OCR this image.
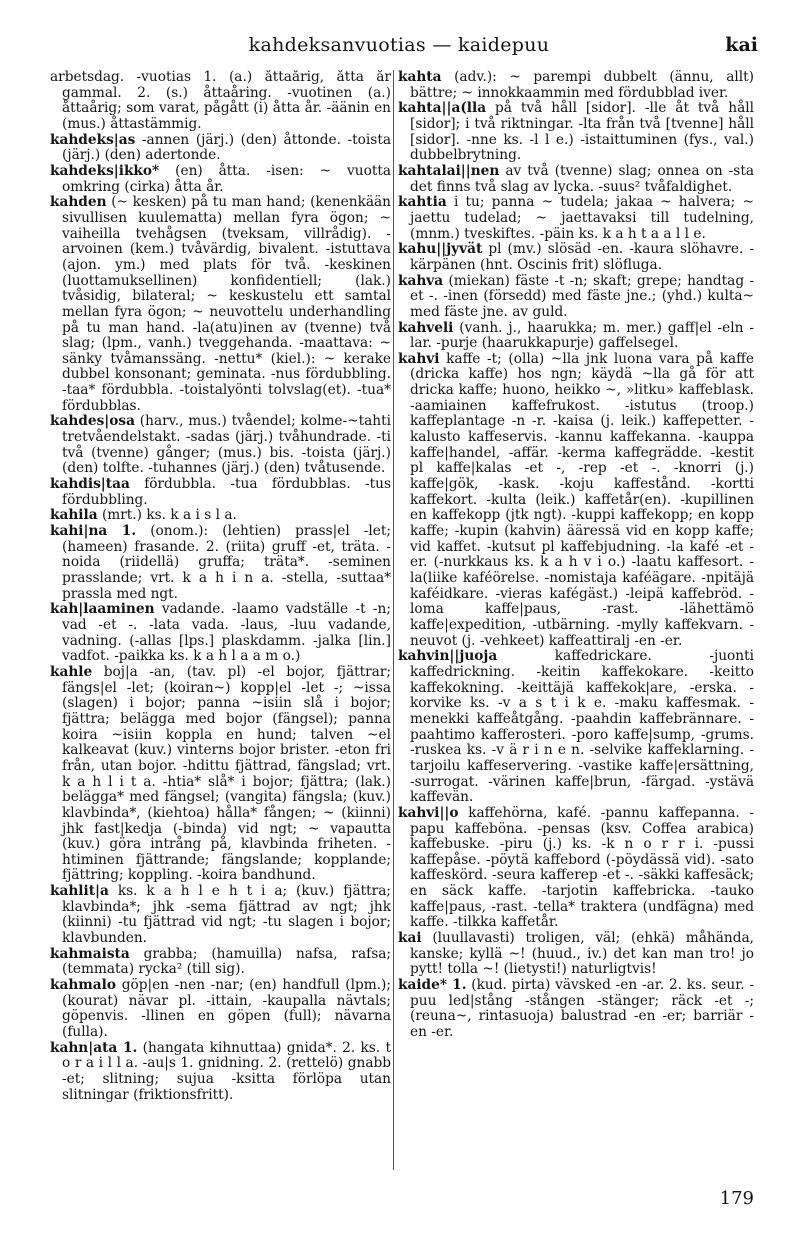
kahdeksanvuotias — kaidepuu	kai

arbetsdag. -vuotias 1. (a.) åttaårig, åtta år gammal. 2. (s.) åttaåring. -vuotinen (a.) åttaårig; som varat, pågått (i) åtta år. -äänin en (mus.) åttastämmig.

kahdeks|as -annen (järj.) (den) åttonde. -toista (järj.) (den) adertonde.

kahdeks|ikko* (en) åtta. -isen: ~ vuotta omkring (cirka) åtta år.

kahden (~ kesken) på tu man hand; (kenenkään sivullisen kuulematta) mellan fyra ögon; ~ vaiheilla tvehågsen (tveksam, villrådig). -arvoinen (kem.) tvåvärdig, bivalent. -istuttava (ajon. ym.) med plats för två. -keskinen (luottamuksellinen) konfidentiell; (lak.) tvåsidig, bilateral; ~ keskustelu ett samtal mellan fyra ögon; ~ neuvottelu underhandling på tu man hand. -la(atu)inen av (tvenne) två slag; (lpm., vanh.) tveggehanda. -maattava: ~ sänky tvåmanssäng. -nettu* (kiel.): ~ kerake dubbel konsonant; geminata. -nus fördubbling. -taa* fördubbla. -toistalyönti tolvslag(et). -tua* fördubblas.

kahdes|osa (harv., mus.) tvåendel; kolme-~tahti tretvåendelstakt. -sadas (järj.) tvåhundrade. -ti två (tvenne) gånger; (mus.) bis. -toista (järj.) (den) tolfte. -tuhannes (järj.) (den) tvåtusende.

kahdis|taa fördubbla. -tua fördubblas. -tus fördubbling.

kahila (mrt.) ks. k a i s l a.

kahi|na 1. (onom.): (lehtien) prass|el -let; (hameen) frasande. 2. (riita) gruff -et, träta. -noida (riidellä) gruffa; träta*. -seminen prasslande; vrt. k a h i n a. -stella, -suttaa* prassla med ngt.

kah|laaminen vadande. -laamo vadställe -t -n; vad -et -. -lata vada. -laus, -luu vadande, vadning. (-allas [lps.] plaskdamm. -jalka [lin.] vadfot. -paikka ks. k a h l a a m o.)

kahle boj|a -an, (tav. pl) -el bojor, fjättrar; fängs|el -let; (koiran~) kopp|el -let -; ~issa (slagen) i bojor; panna ~isiin slå i bojor; fjättra; belägga med bojor (fängsel); panna koira ~isiin koppla en hund; talven ~el kalkeavat (kuv.) vinterns bojor brister. -eton fri från, utan bojor. -hdittu fjättrad, fängslad; vrt. k a h l i t a. -htia* slå* i bojor; fjättra; (lak.) belägga* med fängsel; (vangita) fängsla; (kuv.) klavbinda*, (kiehtoa) hålla* fången; ~ (kiinni) jhk fast|kedja (-binda) vid ngt; ~ vapautta (kuv.) göra intrång på, klavbinda friheten. -htiminen fjättrande; fängslande; kopplande; fjättring; koppling. -koira bandhund.

kahlit|a ks. k a h l e h t i a; (kuv.) fjättra; klavbinda*; jhk -sema fjättrad av ngt; jhk (kiinni) -tu fjättrad vid ngt; -tu slagen i bojor; klavbunden.

kahmaista grabba; (hamuilla) nafsa, rafsa; (temmata) rycka² (till sig).

kahmalo göp|en -nen -nar; (en) handfull (lpm.); (kourat) nävar pl. -ittain, -kaupalla nävtals; göpenvis. -llinen en göpen (full); nävarna (fulla).

kahn|ata 1. (hangata kihnuttaa) gnida*. 2. ks. t o r a i l l a. -au|s 1. gnidning. 2. (rettelö) gnabb -et; slitning; sujua -ksitta förlöpa utan slitningar (friktionsfritt).

kahta (adv.): ~ parempi dubbelt (ännu, allt) bättre; ~ innokkaammin med fördubblad iver.

kahta||a(lla på två håll [sidor]. -lle åt två håll [sidor]; i två riktningar. -lta från två [tvenne] håll [sidor]. -nne ks. -l l e.) -istaittuminen (fys., val.) dubbelbrytning.

kahtalai||nen av två (tvenne) slag; onnea on -sta det finns två slag av lycka. -suus² tvåfaldighet.

kahtia i tu; panna ~ tudela; jakaa ~ halvera; ~ jaettu tudelad; ~ jaettavaksi till tudelning, (mnm.) tveskiftes. -päin ks. k a h t a a l l e.

kahu||jyvät pl (mv.) slösäd -en. -kaura slöhavre. -kärpänen (hnt. Oscinis frit) slöfluga.

kahva (miekan) fäste -t -n; skaft; grepe; handtag -et -. -inen (försedd) med fäste jne.; (yhd.) kulta~ med fäste jne. av guld.

kahveli (vanh. j., haarukka; m. mer.) gaff|el -eln -lar. -purje (haarukkapurje) gaffelsegel.

kahvi kaffe -t; (olla) ~lla jnk luona vara på kaffe (dricka kaffe) hos ngn; käydä ~lla gå för att dricka kaffe; huono, heikko ~, »litku» kaffeblask. -aamiainen kaffefrukost. -istutus (troop.) kaffeplantage -n -r. -kaisa (j. leik.) kaffepetter. -kalusto kaffeservis. -kannu kaffekanna. -kauppa kaffe|handel, -affär. -kerma kaffegrädde. -kestit pl kaffe|kalas -et -, -rep -et -. -knorri (j.) kaffe|gök, -kask. -koju kaffestånd. -kortti kaffekort. -kulta (leik.) kaffetår(en). -kupillinen en kaffekopp (jtk ngt). -kuppi kaffekopp; en kopp kaffe; -kupin (kahvin) ääressä vid en kopp kaffe; vid kaffet. -kutsut pl kaffebjudning. -la kafé -et -er. (-nurkkaus ks. k a h v i o.) -laatu kaffesort. -la(liike kaféörelse. -nomistaja kaféägare. -npitäjä kaféidkare. -vieras kafégäst.) -leipä kaffebröd. -loma kaffe|paus, -rast. -lähettämö kaffe|expedition, -utbärning. -mylly kaffekvarn. -neuvot (j. -vehkeet) kaffeattiralj -en -er.

kahvin||juoja	kaffedrickare. -juonti kaffedrickning. -keitin kaffekokare. -keitto kaffekokning. -keittäjä kaffekok|are, -erska. -korvike ks. -v a s t i k e. -maku kaffesmak. -menekki kaffeåtgång. -paahdin kaffebrännare. -paahtimo kafferosteri. -poro kaffe|sump, -grums. -ruskea ks. -v ä r i n e n. -selvike kaffeklarning. -tarjoilu kaffeservering. -vastike kaffe|ersättning, -surrogat. -värinen kaffe|brun, -färgad. -ystävä kaffevän.

kahvi||o kaffehörna, kafé. -pannu kaffepanna. -papu kaffeböna. -pensas (ksv. Coffea arabica) kaffebuske. -piru (j.) ks. -k n o r r i. -pussi kaffepåse. -pöytä kaffebord (-pöydässä vid). -sato kaffeskörd. -seura kafferep -et -. -säkki kaffesäck; en säck kaffe. -tarjotin kaffebricka. -tauko kaffe|paus, -rast. -tella* traktera (undfägna) med kaffe. -tilkka kaffetår.

kai (luullavasti) troligen, väl; (ehkä) måhända, kanske; kyllä ~! (huud., iv.) det kan man tro! jo pytt! tolla ~! (lietysti!) naturligtvis!

kaide* 1. (kud. pirta) vävsked -en -ar. 2. ks. seur. -puu led|stång -stången -stänger; räck -et -; (reuna~, rintasuoja) balustrad -en -er; barriär -en -er.

179
